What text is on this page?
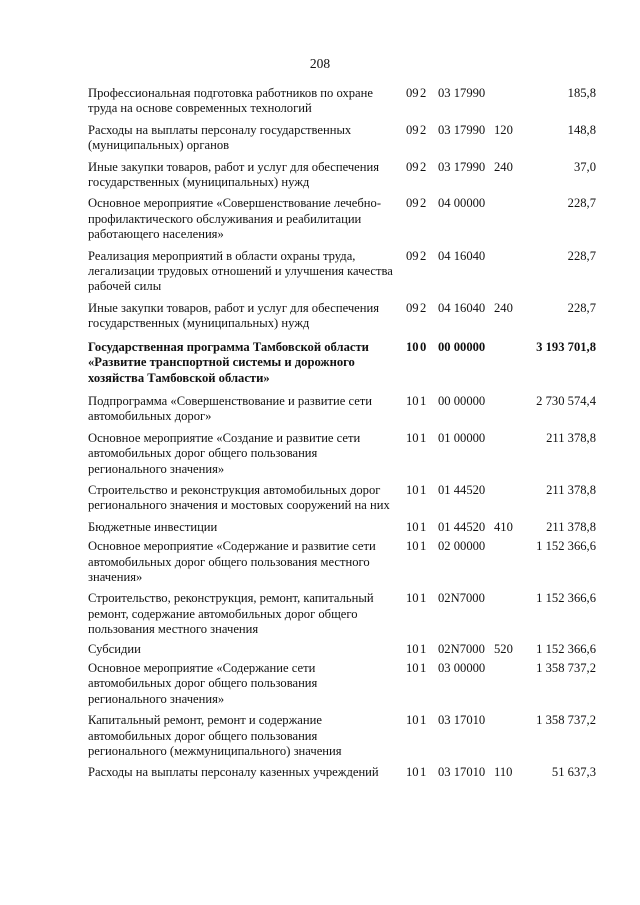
208
Профессиональная подготовка работников по охране труда на основе современных технологий
09 2 03 17990	185,8
Расходы на выплаты персоналу государственных (муниципальных) органов
09 2 03 17990 120	148,8
Иные закупки товаров, работ и услуг для обеспечения государственных (муниципальных) нужд
09 2 03 17990 240	37,0
Основное мероприятие «Совершенствование лечебно-профилактического обслуживания и реабилитации работающего населения»
09 2 04 00000	228,7
Реализация мероприятий в области охраны труда, легализации трудовых отношений и улучшения качества рабочей силы
09 2 04 16040	228,7
Иные закупки товаров, работ и услуг для обеспечения государственных (муниципальных) нужд
09 2 04 16040 240	228,7
Государственная программа Тамбовской области «Развитие транспортной системы и дорожного хозяйства Тамбовской области»
10 0 00 00000	3 193 701,8
Подпрограмма «Совершенствование и развитие сети автомобильных дорог»
10 1 00 00000	2 730 574,4
Основное мероприятие «Создание и развитие сети автомобильных дорог общего пользования регионального значения»
10 1 01 00000	211 378,8
Строительство и реконструкция автомобильных дорог регионального значения и мостовых сооружений на них
10 1 01 44520	211 378,8
Бюджетные инвестиции	10 1 01 44520 410	211 378,8
Основное мероприятие «Содержание и развитие сети автомобильных дорог общего пользования местного значения»
10 1 02 00000	1 152 366,6
Строительство, реконструкция, ремонт, капитальный ремонт, содержание автомобильных дорог общего пользования местного значения
10 1 02N7000	1 152 366,6
Субсидии	10 1 02N7000 520	1 152 366,6
Основное мероприятие «Содержание сети автомобильных дорог общего пользования регионального значения»
10 1 03 00000	1 358 737,2
Капитальный ремонт, ремонт и содержание автомобильных дорог общего пользования регионального (межмуниципального) значения
10 1 03 17010	1 358 737,2
Расходы на выплаты персоналу казенных учреждений	10 1 03 17010 110	51 637,3
